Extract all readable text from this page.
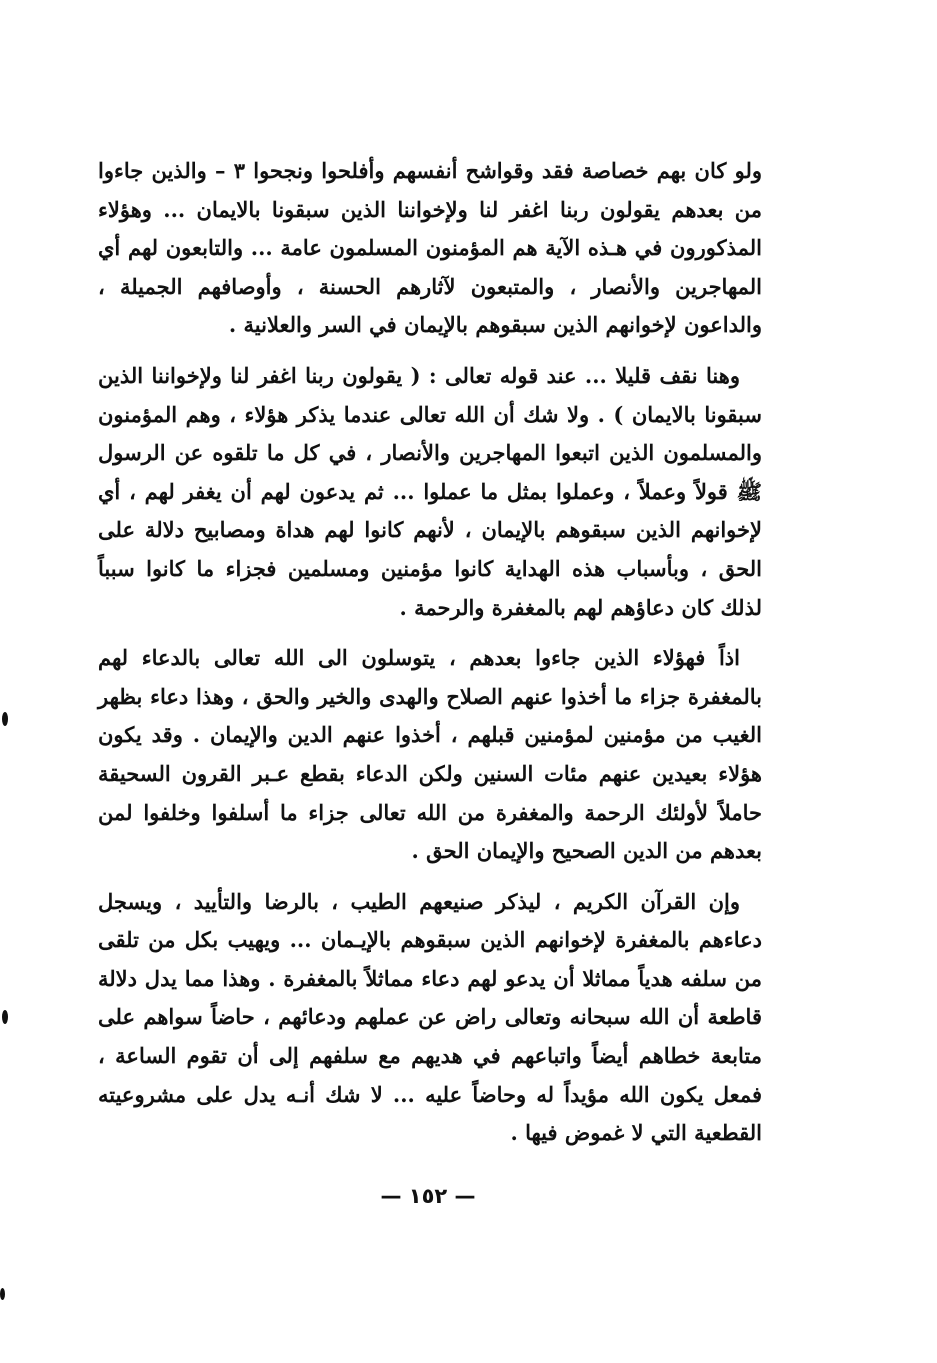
ولو كان بهم خصاصة فقد وقواشح أنفسهم وأفلحوا ونجحوا ٣ – والذين جاءوا من بعدهم يقولون ربنا اغفر لنا ولإخواننا الذين سبقونا بالايمان ... وهؤلاء المذكورون في هـذه الآية هم المؤمنون المسلمون عامة ... والتابعون لهم أي المهاجرين والأنصار ، والمتبعون لآثارهم الحسنة ، وأوصافهم الجميلة ، والداعون لإخوانهم الذين سبقوهم بالإيمان في السر والعلانية .

وهنا نقف قليلا ... عند قوله تعالى : ( يقولون ربنا اغفر لنا ولإخواننا الذين سبقونا بالايمان ) . ولا شك أن الله تعالى عندما يذكر هؤلاء ، وهم المؤمنون والمسلمون الذين اتبعوا المهاجرين والأنصار ، في كل ما تلقوه عن الرسول ﷺ قولاً وعملاً ، وعملوا بمثل ما عملوا ... ثم يدعون لهم أن يغفر لهم ، أي لإخوانهم الذين سبقوهم بالإيمان ، لأنهم كانوا لهم هداة ومصابيح دلالة على الحق ، وبأسباب هذه الهداية كانوا مؤمنين ومسلمين فجزاء ما كانوا سبباً لذلك كان دعاؤهم لهم بالمغفرة والرحمة .

اذاً فهؤلاء الذين جاءوا بعدهم ، يتوسلون الى الله تعالى بالدعاء لهم بالمغفرة جزاء ما أخذوا عنهم الصلاح والهدى والخير والحق ، وهذا دعاء بظهر الغيب من مؤمنين لمؤمنين قبلهم ، أخذوا عنهم الدين والإيمان . وقد يكون هؤلاء بعيدين عنهم مئات السنين ولكن الدعاء بقطع عـبر القرون السحيقة حاملاً لأولئك الرحمة والمغفرة من الله تعالى جزاء ما أسلفوا وخلفوا لمن بعدهم من الدين الصحيح والإيمان الحق .

وإن القرآن الكريم ، ليذكر صنيعهم الطيب ، بالرضا والتأييد ، ويسجل دعاءهم بالمغفرة لإخوانهم الذين سبقوهم بالإيـمان ... ويهيب بكل من تلقى من سلفه هدياً مماثلا أن يدعو لهم دعاء مماثلاً بالمغفرة . وهذا مما يدل دلالة قاطعة أن الله سبحانه وتعالى راض عن عملهم ودعائهم ، حاضاً سواهم على متابعة خطاهم أيضاً واتباعهم في هديهم مع سلفهم إلى أن تقوم الساعة ، فمعل يكون الله مؤيداً له وحاضاً عليه ... لا شك أنـه يدل على مشروعيته القطعية التي لا غموض فيها .

— ١٥٢ —
